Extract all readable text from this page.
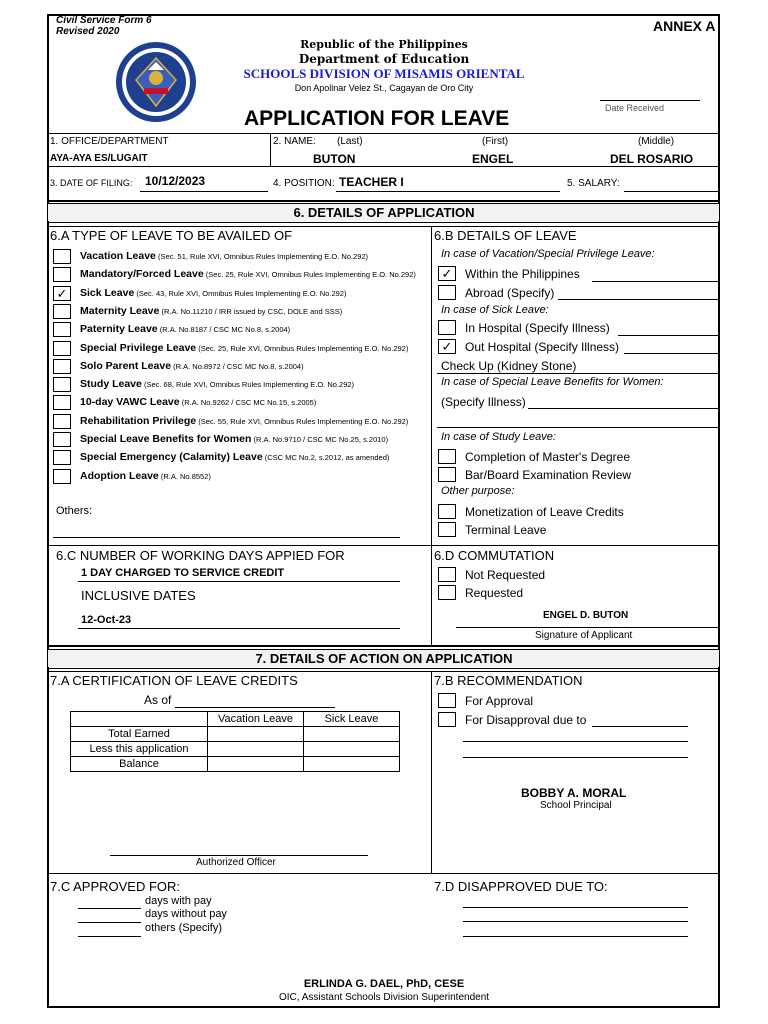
Civil Service Form 6
Revised 2020	ANNEX A
Republic of the Philippines
Department of Education
SCHOOLS DIVISION OF MISAMIS ORIENTAL
Don Apolinar Velez St., Cagayan de Oro City
Date Received
APPLICATION FOR LEAVE
1. OFFICE/DEPARTMENT
AYA-AYA ES/LUGAIT
2. NAME: (Last)	(First)	(Middle)
BUTON	ENGEL	DEL ROSARIO
3. DATE OF FILING: 10/12/2023	4. POSITION: TEACHER I	5. SALARY:
6. DETAILS OF APPLICATION
6.A TYPE OF LEAVE TO BE AVAILED OF
Vacation Leave (Sec. 51, Rule XVI, Omnibus Rules Implementing E.O. No.292)
Mandatory/Forced Leave (Sec. 25, Rule XVI, Omnibus Rules Implementing E.O. No.292)
✓	Sick Leave (Sec. 43, Rule XVI, Omnibus Rules Implementing E.O. No.292)
Maternity Leave (R.A. No.11210 / IRR issued by CSC, DOLE and SSS)
Paternity Leave (R.A. No.8187 / CSC MC No.8, s.2004)
Special Privilege Leave (Sec. 25, Rule XVI, Omnibus Rules Implementing E.O. No.292)
Solo Parent Leave (R.A. No.8972 / CSC MC No.8, s.2004)
Study Leave (Sec. 68, Rule XVI, Omnibus Rules Implementing E.O. No.292)
10-day VAWC Leave (R.A. No.9262 / CSC MC No.15, s.2005)
Rehabilitation Privilege (Sec. 55, Rule XVI, Omnibus Rules Implementing E.O. No.292)
Special Leave Benefits for Women (R.A. No.9710 / CSC MC No.25, s.2010)
Special Emergency (Calamity) Leave (CSC MC No.2, s.2012, as amended)
Adoption Leave (R.A. No.8552)
Others:
6.B DETAILS OF LEAVE
In case of Vacation/Special Privilege Leave:
✓ Within the Philippines
Abroad (Specify)
In case of Sick Leave:
In Hospital (Specify Illness)
✓ Out Hospital (Specify Illness)
Check Up (Kidney Stone)
In case of Special Leave Benefits for Women:
(Specify Illness)
In case of Study Leave:
Completion of Master's Degree
Bar/Board Examination Review
Other purpose:
Monetization of Leave Credits
Terminal Leave
6.C NUMBER OF WORKING DAYS APPIED FOR
1 DAY CHARGED TO SERVICE CREDIT
INCLUSIVE DATES
12-Oct-23
6.D COMMUTATION
Not Requested
Requested
ENGEL D. BUTON
Signature of Applicant
7. DETAILS OF ACTION ON APPLICATION
7.A CERTIFICATION OF LEAVE CREDITS
As of
	Vacation Leave	Sick Leave
Total Earned		
Less this application		
Balance		
Authorized Officer
7.B RECOMMENDATION
For Approval
For Disapproval due to
BOBBY A. MORAL
School Principal
7.C APPROVED FOR:
days with pay
days without pay
others (Specify)
7.D DISAPPROVED DUE TO:
ERLINDA G. DAEL, PhD, CESE
OIC, Assistant Schools Division Superintendent
